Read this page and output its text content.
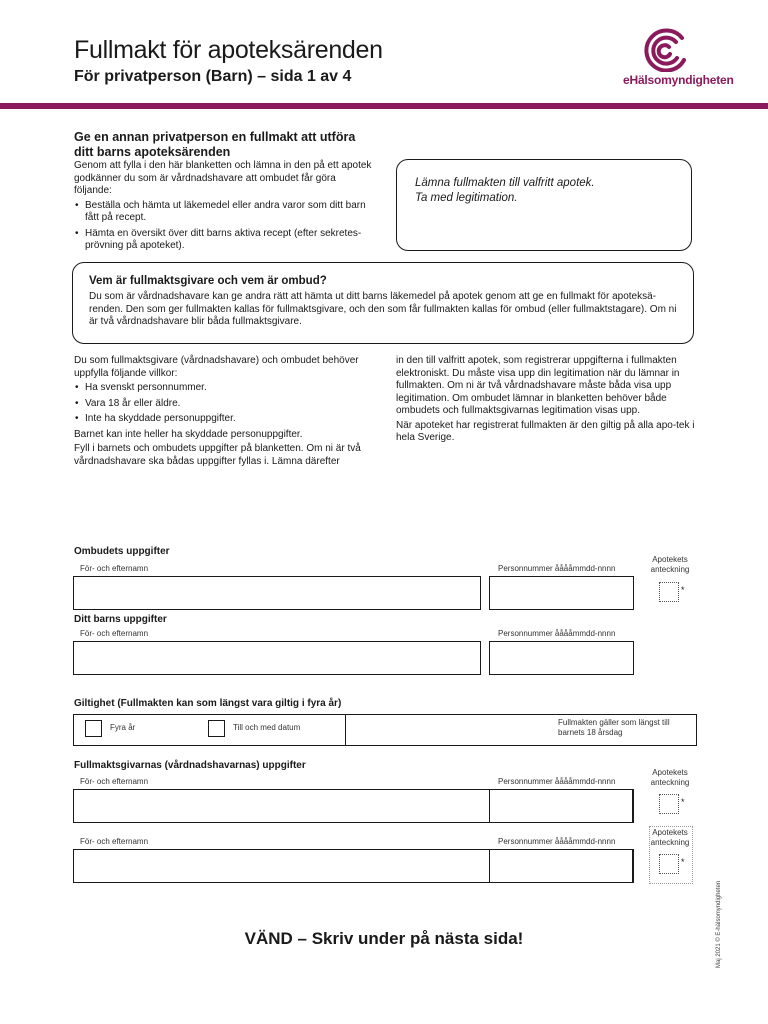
Fullmakt för apoteksärenden
För privatperson (Barn) – sida 1 av 4	eHälsomyndigheten
Ge en annan privatperson en fullmakt att utföra ditt barns apoteksärenden
Genom att fylla i den här blanketten och lämna in den på ett apotek godkänner du som är vårdnadshavare att ombudet får göra följande:
• Beställa och hämta ut läkemedel eller andra varor som ditt barn fått på recept.
• Hämta en översikt över ditt barns aktiva recept (efter sekretes-prövning på apoteket).
Lämna fullmakten till valfritt apotek.
Ta med legitimation.
Vem är fullmaktsgivare och vem är ombud?
Du som är vårdnadshavare kan ge andra rätt att hämta ut ditt barns läkemedel på apotek genom att ge en fullmakt för apoteksä-renden. Den som ger fullmakten kallas för fullmaktsgivare, och den som får fullmakten kallas för ombud (eller fullmaktstagare). Om ni är två vårdnadshavare blir båda fullmaktsgivare.

Du som fullmaktsgivare (vårdnadshavare) och ombudet behöver uppfylla följande villkor:

• Ha svenskt personnummer.
• Vara 18 år eller äldre.
• Inte ha skyddade personuppgifter.

Barnet kan inte heller ha skyddade personuppgifter.

Fyll i barnets och ombudets uppgifter på blanketten. Om ni är två vårdnadshavare ska bådas uppgifter fyllas i. Lämna därefter

in den till valfritt apotek, som registrerar uppgifterna i fullmakten elektroniskt. Du måste visa upp din legitimation när du lämnar in fullmakten. Om ni är två vårdnadshavare måste båda visa upp legitimation. Om ombudet lämnar in blanketten behöver både ombudets och fullmaktsgivarnas legitimation visas upp.

När apoteket har registrerat fullmakten är den giltig på alla apo-tek i hela Sverige.

Ombudets uppgifter
För- och efternamn	Personnummer ååååmmdd-nnnn
Apotekets anteckning
*
Ditt barns uppgifter
För- och efternamn	Personnummer ååååmmdd-nnnn
Giltighet (Fullmakten kan som längst vara giltig i fyra år)
Fyra år	Till och med datum
Fullmakten gäller som längst till barnets 18 årsdag
Fullmaktsgivarnas (vårdnadshavarnas) uppgifter
För- och efternamn	Personnummer ååååmmdd-nnnn
Apotekets anteckning
*
För- och efternamn	Personnummer ååååmmdd-nnnn
Apotekets anteckning
*
VÄND – Skriv under på nästa sida!	Maj 2021 © E-hälsomyndigheten
